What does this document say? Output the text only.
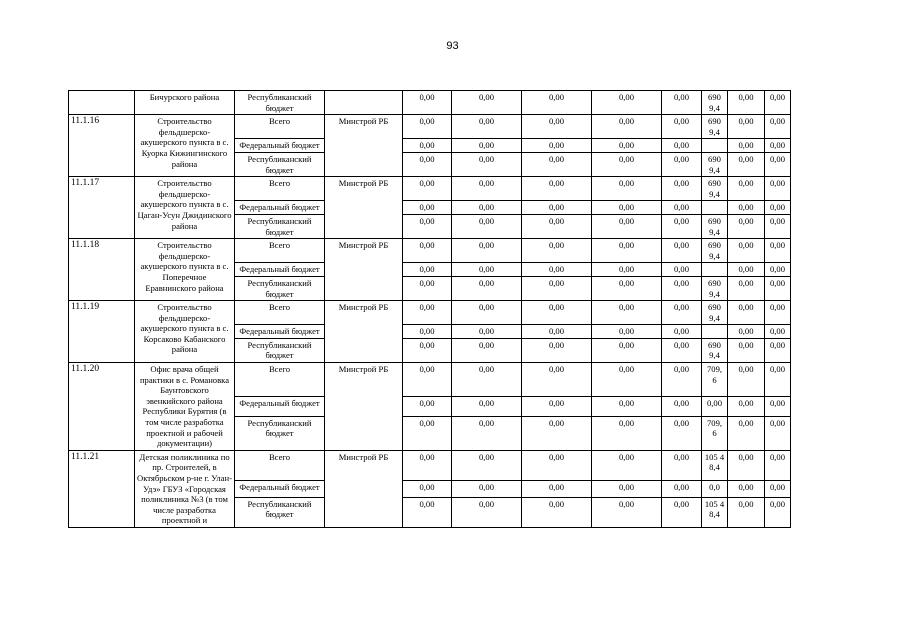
93
	Бичурского района	Республиканский бюджет		0,00	0,00	0,00	0,00	0,00	690 9,4	0,00	0,00
11.1.16	Строительство фельдшерско-акушерского пункта в с. Куорка Кижингинского района	Всего	Минстрой РБ	0,00	0,00	0,00	0,00	0,00	690 9,4	0,00	0,00
		Федеральный бюджет		0,00	0,00	0,00	0,00	0,00		0,00	0,00
		Республиканский бюджет		0,00	0,00	0,00	0,00	0,00	690 9,4	0,00	0,00
11.1.17	Строительство фельдшерско-акушерского пункта в с. Цаган-Усун Джидинского района	Всего	Минстрой РБ	0,00	0,00	0,00	0,00	0,00	690 9,4	0,00	0,00
		Федеральный бюджет		0,00	0,00	0,00	0,00	0,00		0,00	0,00
		Республиканский бюджет		0,00	0,00	0,00	0,00	0,00	690 9,4	0,00	0,00
11.1.18	Строительство фельдшерско-акушерского пункта в с. Поперечное Еравнинского района	Всего	Минстрой РБ	0,00	0,00	0,00	0,00	0,00	690 9,4	0,00	0,00
		Федеральный бюджет		0,00	0,00	0,00	0,00	0,00		0,00	0,00
		Республиканский бюджет		0,00	0,00	0,00	0,00	0,00	690 9,4	0,00	0,00
11.1.19	Строительство фельдшерско-акушерского пункта в с. Корсаково Кабанского района	Всего	Минстрой РБ	0,00	0,00	0,00	0,00	0,00	690 9,4	0,00	0,00
		Федеральный бюджет		0,00	0,00	0,00	0,00	0,00		0,00	0,00
		Республиканский бюджет		0,00	0,00	0,00	0,00	0,00	690 9,4	0,00	0,00
11.1.20	Офис врача общей практики в с. Романовка Баунтовского эвенкийского района Республики Бурятия (в том числе разработка проектной и рабочей документации)	Всего	Минстрой РБ	0,00	0,00	0,00	0,00	0,00	709, 6	0,00	0,00
		Федеральный бюджет		0,00	0,00	0,00	0,00	0,00	0,00	0,00	0,00
		Республиканский бюджет		0,00	0,00	0,00	0,00	0,00	709, 6	0,00	0,00
11.1.21	Детская поликлиника по пр. Строителей, в Октябрьском р-не г. Улан-Удэ» ГБУЗ «Городская поликлиника №3 (в том числе разработка проектной и	Всего	Минстрой РБ	0,00	0,00	0,00	0,00	0,00	105 48,4	0,00	0,00
		Федеральный бюджет		0,00	0,00	0,00	0,00	0,00	0,0	0,00	0,00
		Республиканский бюджет		0,00	0,00	0,00	0,00	0,00	105 48,4	0,00	0,00
